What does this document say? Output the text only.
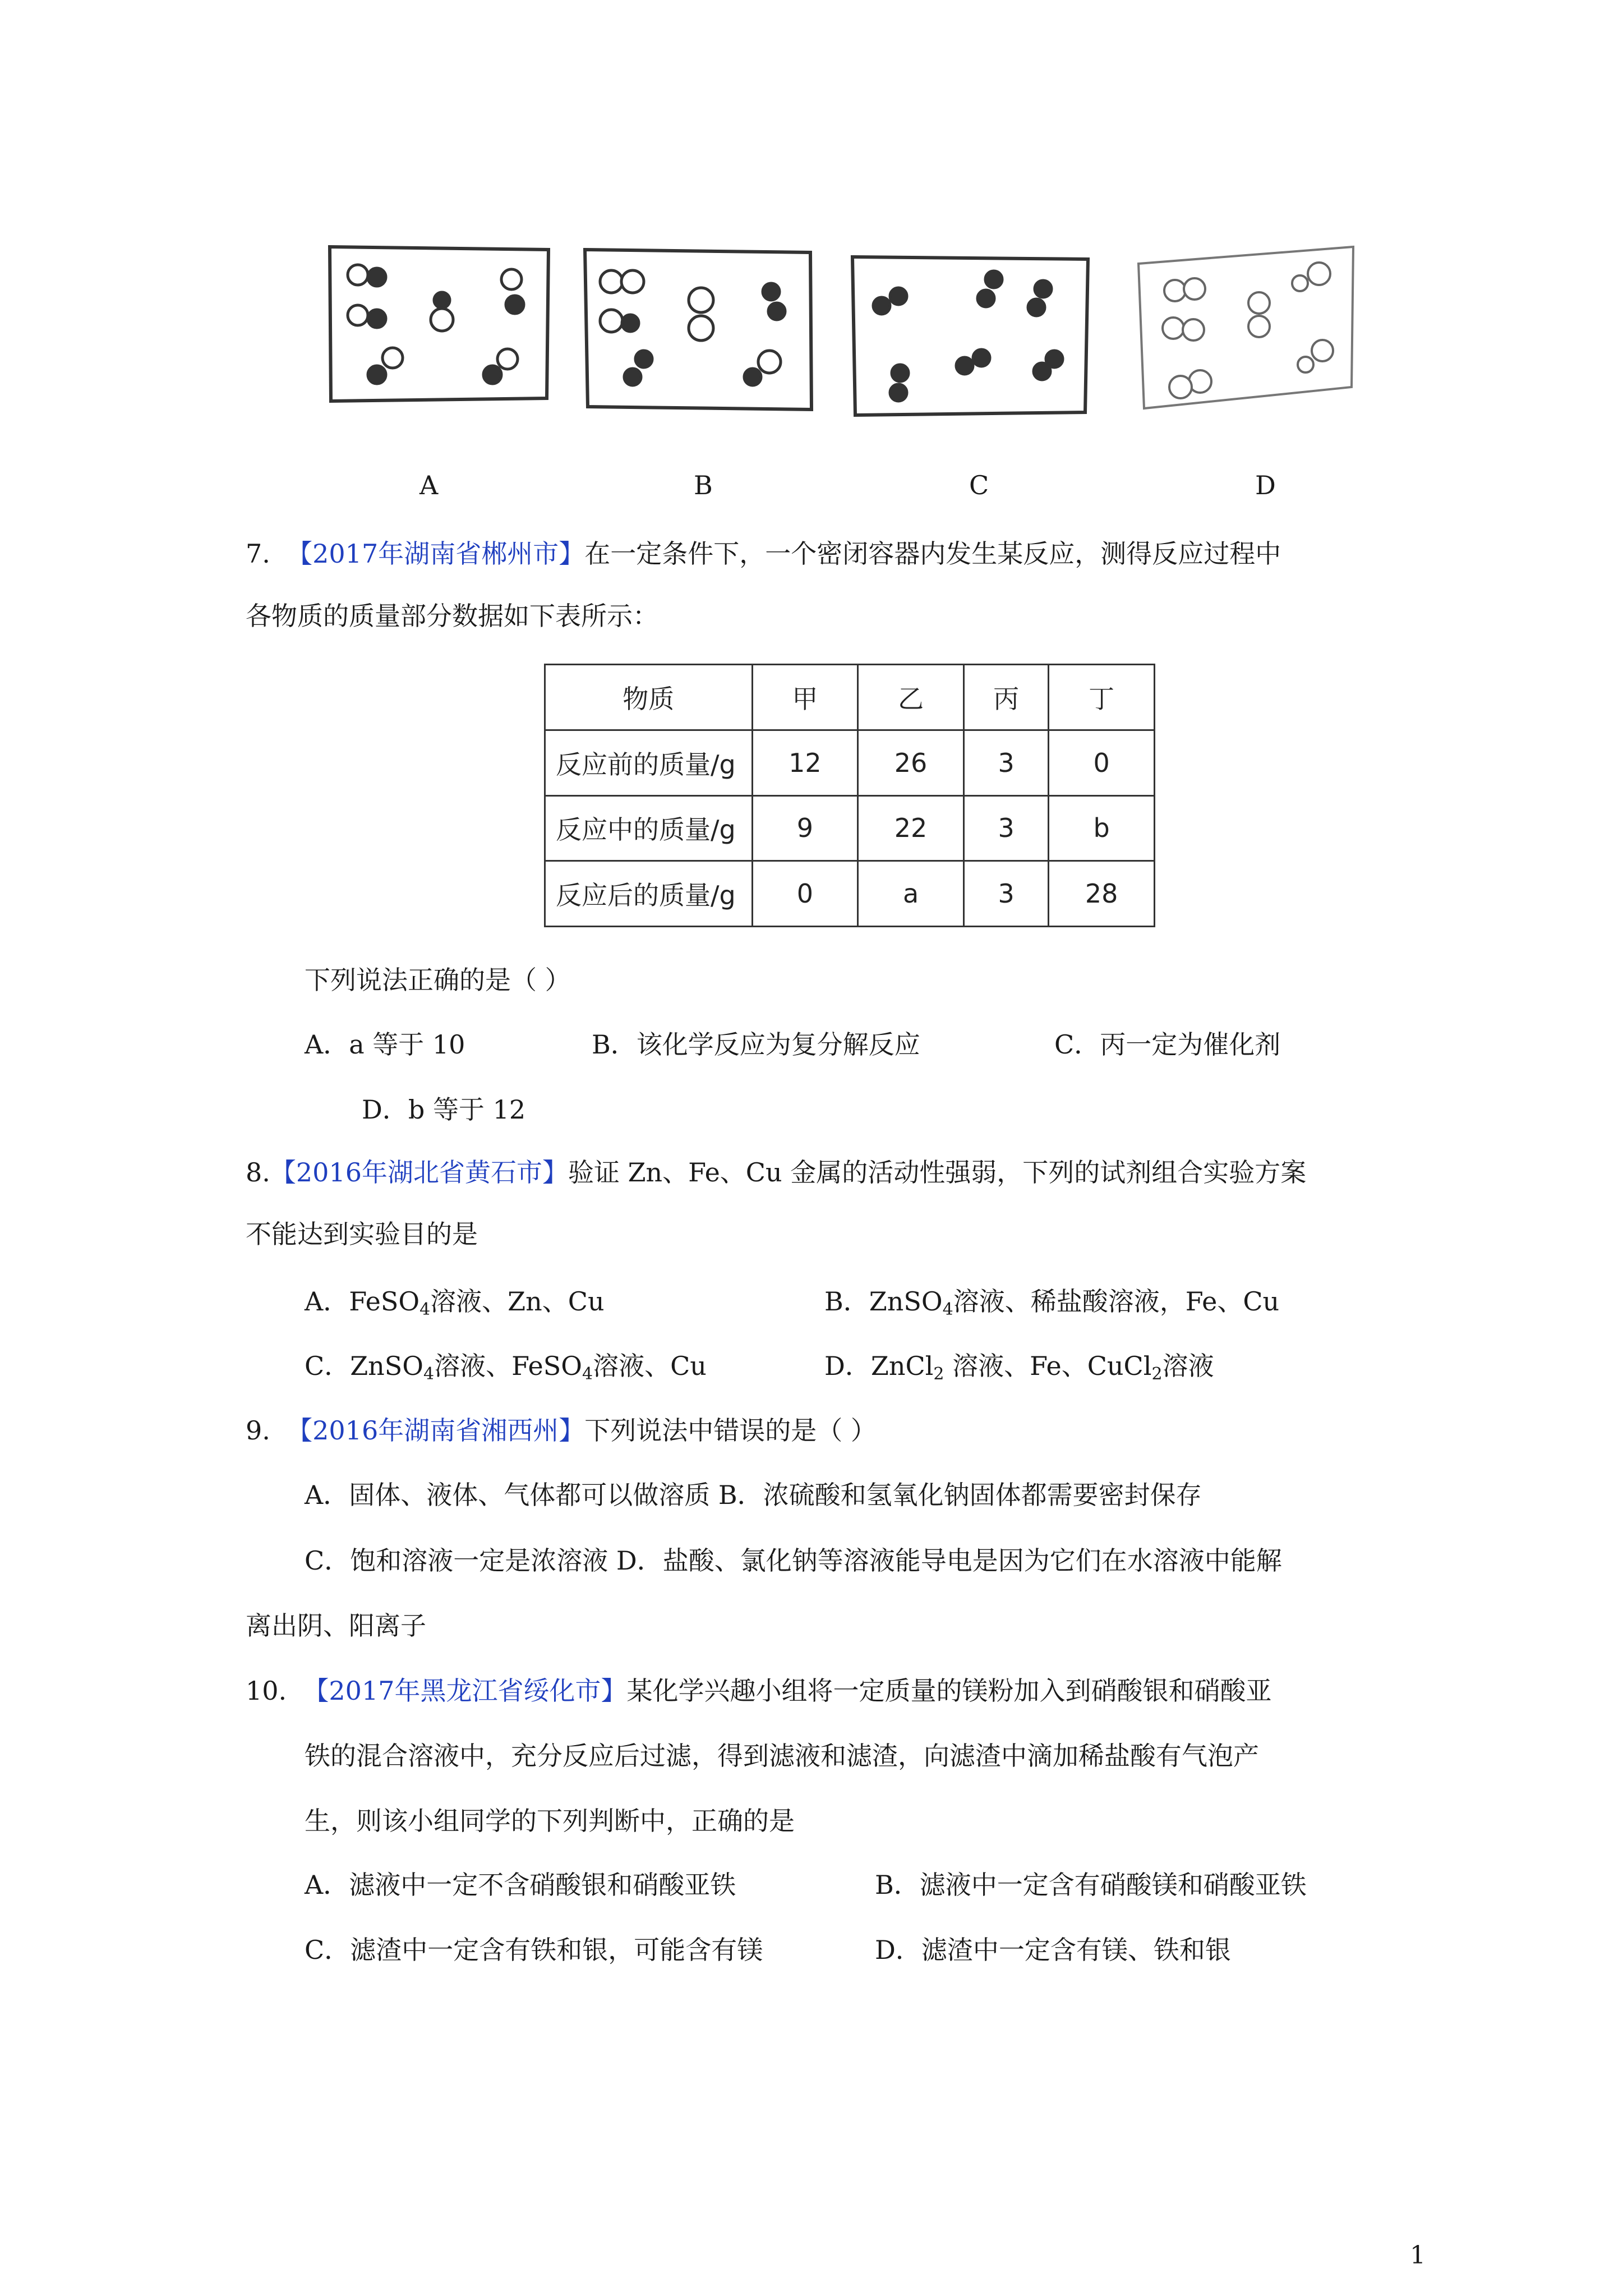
A	B	C	D
7. 【2017年湖南省郴州市】在一定条件下，一个密闭容器内发生某反应，测得反应过程中
各物质的质量部分数据如下表所示：
物质	甲	乙	丙	丁
反应前的质量/g	12	26	3	0
反应中的质量/g	9	22	3	b
反应后的质量/g	0	a	3	28
下列说法正确的是（ ）
A．a 等于 10	B．该化学反应为复分解反应	C．丙一定为催化剂
D．b 等于 12
8.【2016年湖北省黄石市】验证 Zn、Fe、Cu 金属的活动性强弱，下列的试剂组合实验方案
不能达到实验目的是
A．FeSO$_4$溶液、Zn、Cu	B．ZnSO$_4$溶液、稀盐酸溶液，Fe、Cu
C．ZnSO$_4$溶液、FeSO$_4$溶液、Cu	D．ZnCl$_2$ 溶液、Fe、CuCl$_2$溶液
9. 【2016年湖南省湘西州】下列说法中错误的是（ ）
A．固体、液体、气体都可以做溶质 B．浓硫酸和氢氧化钠固体都需要密封保存
C．饱和溶液一定是浓溶液 D．盐酸、氯化钠等溶液能导电是因为它们在水溶液中能解
离出阴、阳离子
10. 【2017年黑龙江省绥化市】某化学兴趣小组将一定质量的镁粉加入到硝酸银和硝酸亚
铁的混合溶液中，充分反应后过滤，得到滤液和滤渣，向滤渣中滴加稀盐酸有气泡产
生，则该小组同学的下列判断中，正确的是
A．滤液中一定不含硝酸银和硝酸亚铁	B．滤液中一定含有硝酸镁和硝酸亚铁
C．滤渣中一定含有铁和银，可能含有镁	D．滤渣中一定含有镁、铁和银
1
